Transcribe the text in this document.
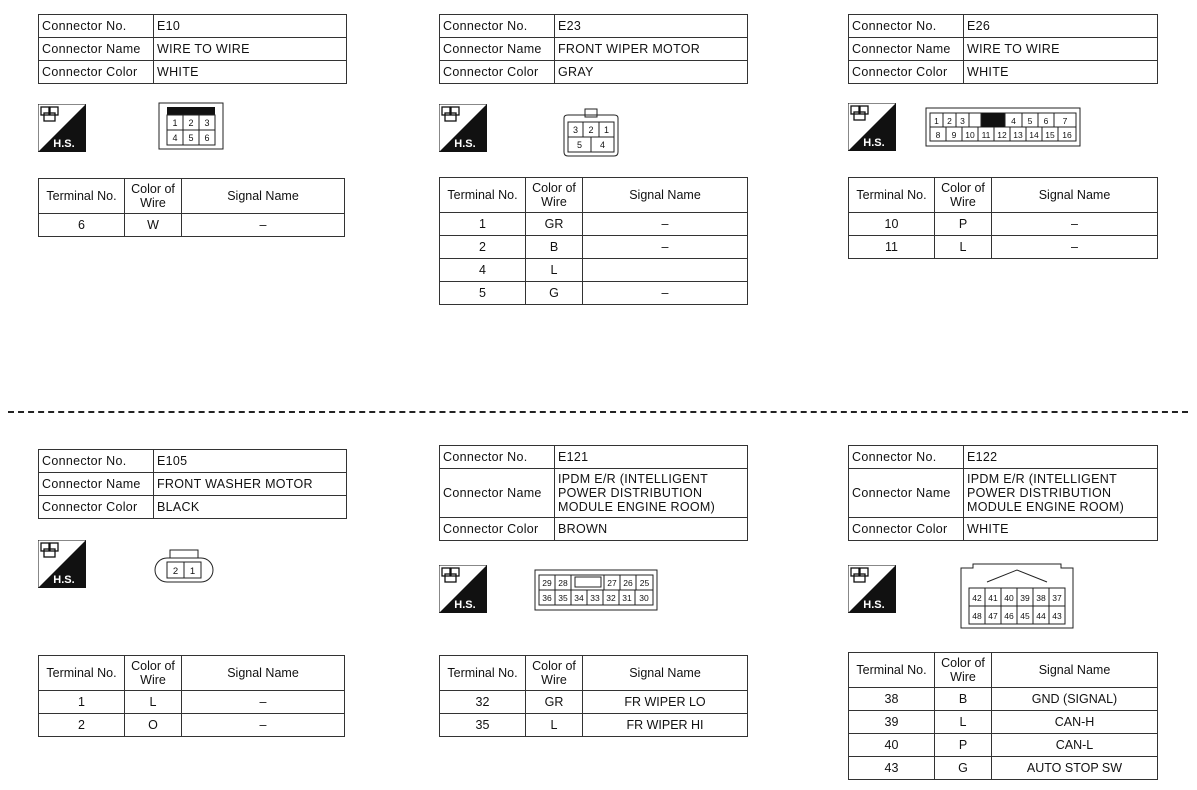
Connector No.	E10
Connector Name	WIRE TO WIRE
Connector Color	WHITE
1 2 3
4 5 6
Terminal No.	Color of Wire	Signal Name
6	W	–
Connector No.	E23
Connector Name	FRONT WIPER MOTOR
Connector Color	GRAY
3 2 1
5 4
Terminal No.	Color of Wire	Signal Name
1	GR	–
2	B	–
4	L	
5	G	–
Connector No.	E26
Connector Name	WIRE TO WIRE
Connector Color	WHITE
1 2 3	4 5 6 7
8 9 10 11 12 13 14 15 16
Terminal No.	Color of Wire	Signal Name
10	P	–
11	L	–
Connector No.	E105
Connector Name	FRONT WASHER MOTOR
Connector Color	BLACK
2 1
Terminal No.	Color of Wire	Signal Name
1	L	–
2	O	–
Connector No.	E121
Connector Name	IPDM E/R (INTELLIGENT POWER DISTRIBUTION MODULE ENGINE ROOM)
Connector Color	BROWN
29 28	27 26 25
36 35 34 33 32 31 30
Terminal No.	Color of Wire	Signal Name
32	GR	FR WIPER LO
35	L	FR WIPER HI
Connector No.	E122
Connector Name	IPDM E/R (INTELLIGENT POWER DISTRIBUTION MODULE ENGINE ROOM)
Connector Color	WHITE
42 41 40 39 38 37
48 47 46 45 44 43
Terminal No.	Color of Wire	Signal Name
38	B	GND (SIGNAL)
39	L	CAN-H
40	P	CAN-L
43	G	AUTO STOP SW
